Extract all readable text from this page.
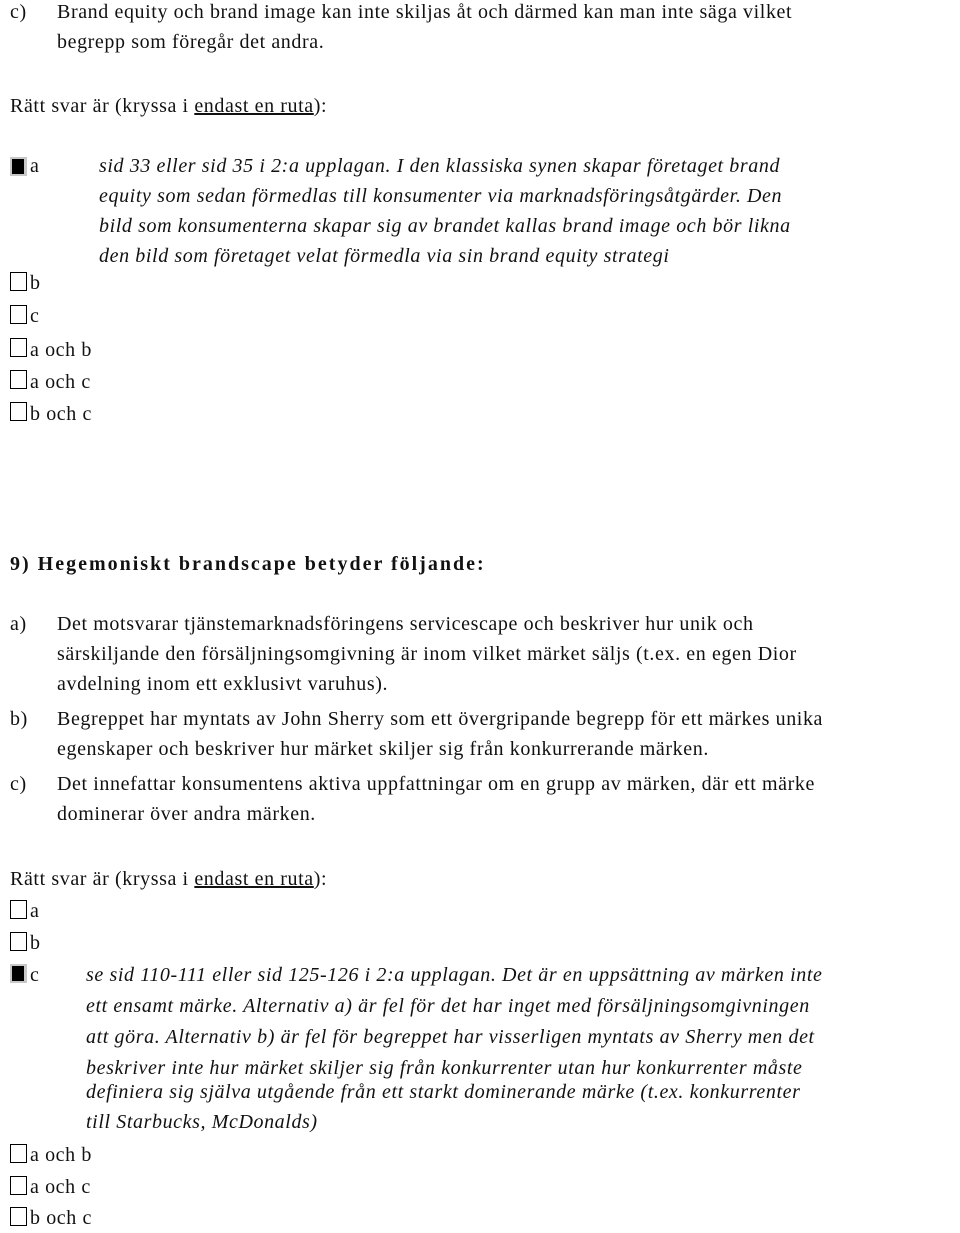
c) Brand equity och brand image kan inte skiljas åt och därmed kan man inte säga vilket
begrepp som föregår det andra.
Rätt svar är (kryssa i endast en ruta):
a
b
c
a och b
a och c
b och c
sid 33 eller sid 35 i 2:a upplagan. I den klassiska synen skapar företaget brand
equity som sedan förmedlas till konsumenter via marknadsföringsåtgärder. Den
bild som konsumenterna skapar sig av brandet kallas brand image och bör likna
den bild som företaget velat förmedla via sin brand equity strategi
9) Hegemoniskt brandscape betyder följande:
a) Det motsvarar tjänstemarknadsföringens servicescape och beskriver hur unik och
särskiljande den försäljningsomgivning är inom vilket märket säljs (t.ex. en egen Dior
avdelning inom ett exklusivt varuhus).
b) Begreppet har myntats av John Sherry som ett övergripande begrepp för ett märkes unika
egenskaper och beskriver hur märket skiljer sig från konkurrerande märken.
c) Det innefattar konsumentens aktiva uppfattningar om en grupp av märken, där ett märke
dominerar över andra märken.
Rätt svar är (kryssa i endast en ruta):
a
b
c
a och b
a och c
b och c
se sid 110-111 eller sid 125-126 i 2:a upplagan. Det är en uppsättning av märken inte
ett ensamt märke. Alternativ a) är fel för det har inget med försäljningsomgivningen
att göra. Alternativ b) är fel för begreppet har visserligen myntats av Sherry men det
beskriver inte hur märket skiljer sig från konkurrenter utan hur konkurrenter måste
definiera sig själva utgående från ett starkt dominerande märke (t.ex. konkurrenter
till Starbucks, McDonalds)
